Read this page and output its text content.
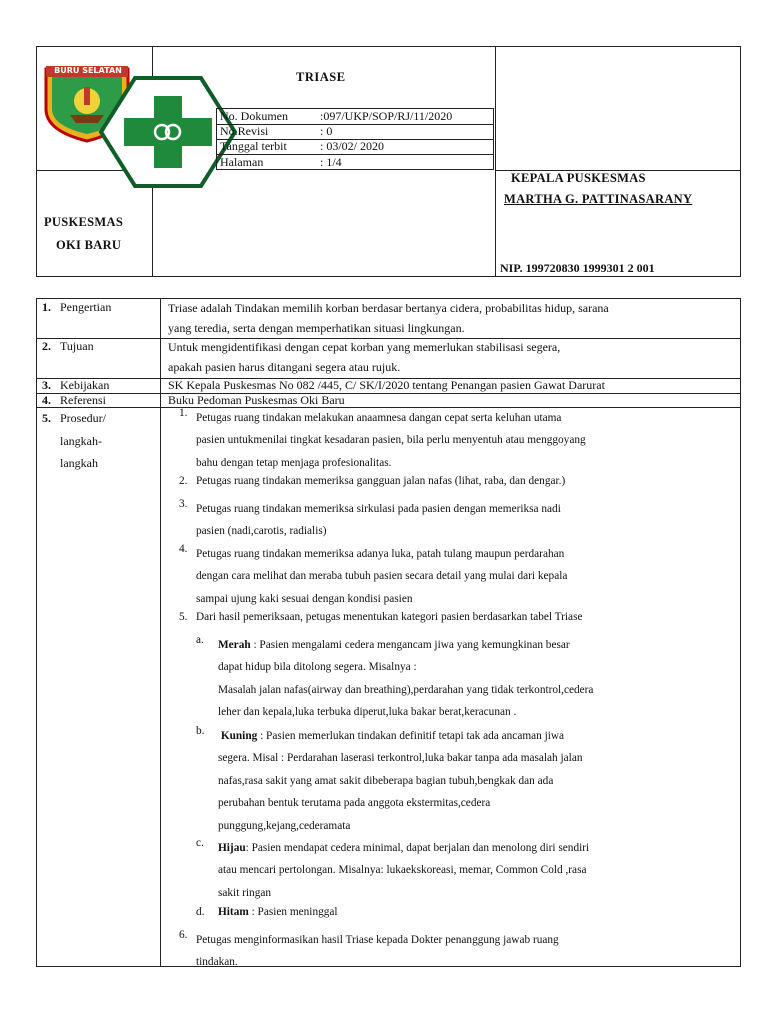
BURU SELATAN	TRIASE
No. Dokumen	:097/UKP/SOP/RJ/11/2020
No.Revisi	: 0
Tanggal terbit	: 03/02/ 2020
Halaman	: 1/4
PUSKESMAS
OKI BARU
KEPALA PUSKESMAS
MARTHA G. PATTINASARANY
NIP. 199720830 1999301 2 001
1. Pengertian	Triase adalah Tindakan memilih korban berdasar bertanya cidera, probabilitas hidup, sarana
yang teredia, serta dengan memperhatikan situasi lingkungan.
2. Tujuan	Untuk mengidentifikasi dengan cepat korban yang memerlukan stabilisasi segera,
apakah pasien harus ditangani segera atau rujuk.
3. Kebijakan	SK Kepala Puskesmas No 082 /445, C/ SK/I/2020 tentang Penangan pasien Gawat Darurat
4. Referensi	Buku Pedoman Puskesmas Oki Baru
5. Prosedur/
langkah-
langkah
1. Petugas ruang tindakan melakukan anaamnesa dangan cepat serta keluhan utama
pasien untukmenilai tingkat kesadaran pasien, bila perlu menyentuh atau menggoyang
bahu dengan tetap menjaga profesionalitas.
2. Petugas ruang tindakan memeriksa gangguan jalan nafas (lihat, raba, dan dengar.)
3. Petugas ruang tindakan memeriksa sirkulasi pada pasien dengan memeriksa nadi
pasien (nadi,carotis, radialis)
4. Petugas ruang tindakan memeriksa adanya luka, patah tulang maupun perdarahan
dengan cara melihat dan meraba tubuh pasien secara detail yang mulai dari kepala
sampai ujung kaki sesuai dengan kondisi pasien
5. Dari hasil pemeriksaan, petugas menentukan kategori pasien berdasarkan tabel Triase
a. Merah : Pasien mengalami cedera mengancam jiwa yang kemungkinan besar
dapat hidup bila ditolong segera. Misalnya :
Masalah jalan nafas(airway dan breathing),perdarahan yang tidak terkontrol,cedera
leher dan kepala,luka terbuka diperut,luka bakar berat,keracunan .
b. Kuning : Pasien memerlukan tindakan definitif tetapi tak ada ancaman jiwa
segera. Misal : Perdarahan laserasi terkontrol,luka bakar tanpa ada masalah jalan
nafas,rasa sakit yang amat sakit dibeberapa bagian tubuh,bengkak dan ada
perubahan bentuk terutama pada anggota ekstermitas,cedera
punggung,kejang,cederamata
c. Hijau: Pasien mendapat cedera minimal, dapat berjalan dan menolong diri sendiri
atau mencari pertolongan. Misalnya: lukaekskoreasi, memar, Common Cold ,rasa
sakit ringan
d. Hitam : Pasien meninggal
6. Petugas menginformasikan hasil Triase kepada Dokter penanggung jawab ruang
tindakan.
